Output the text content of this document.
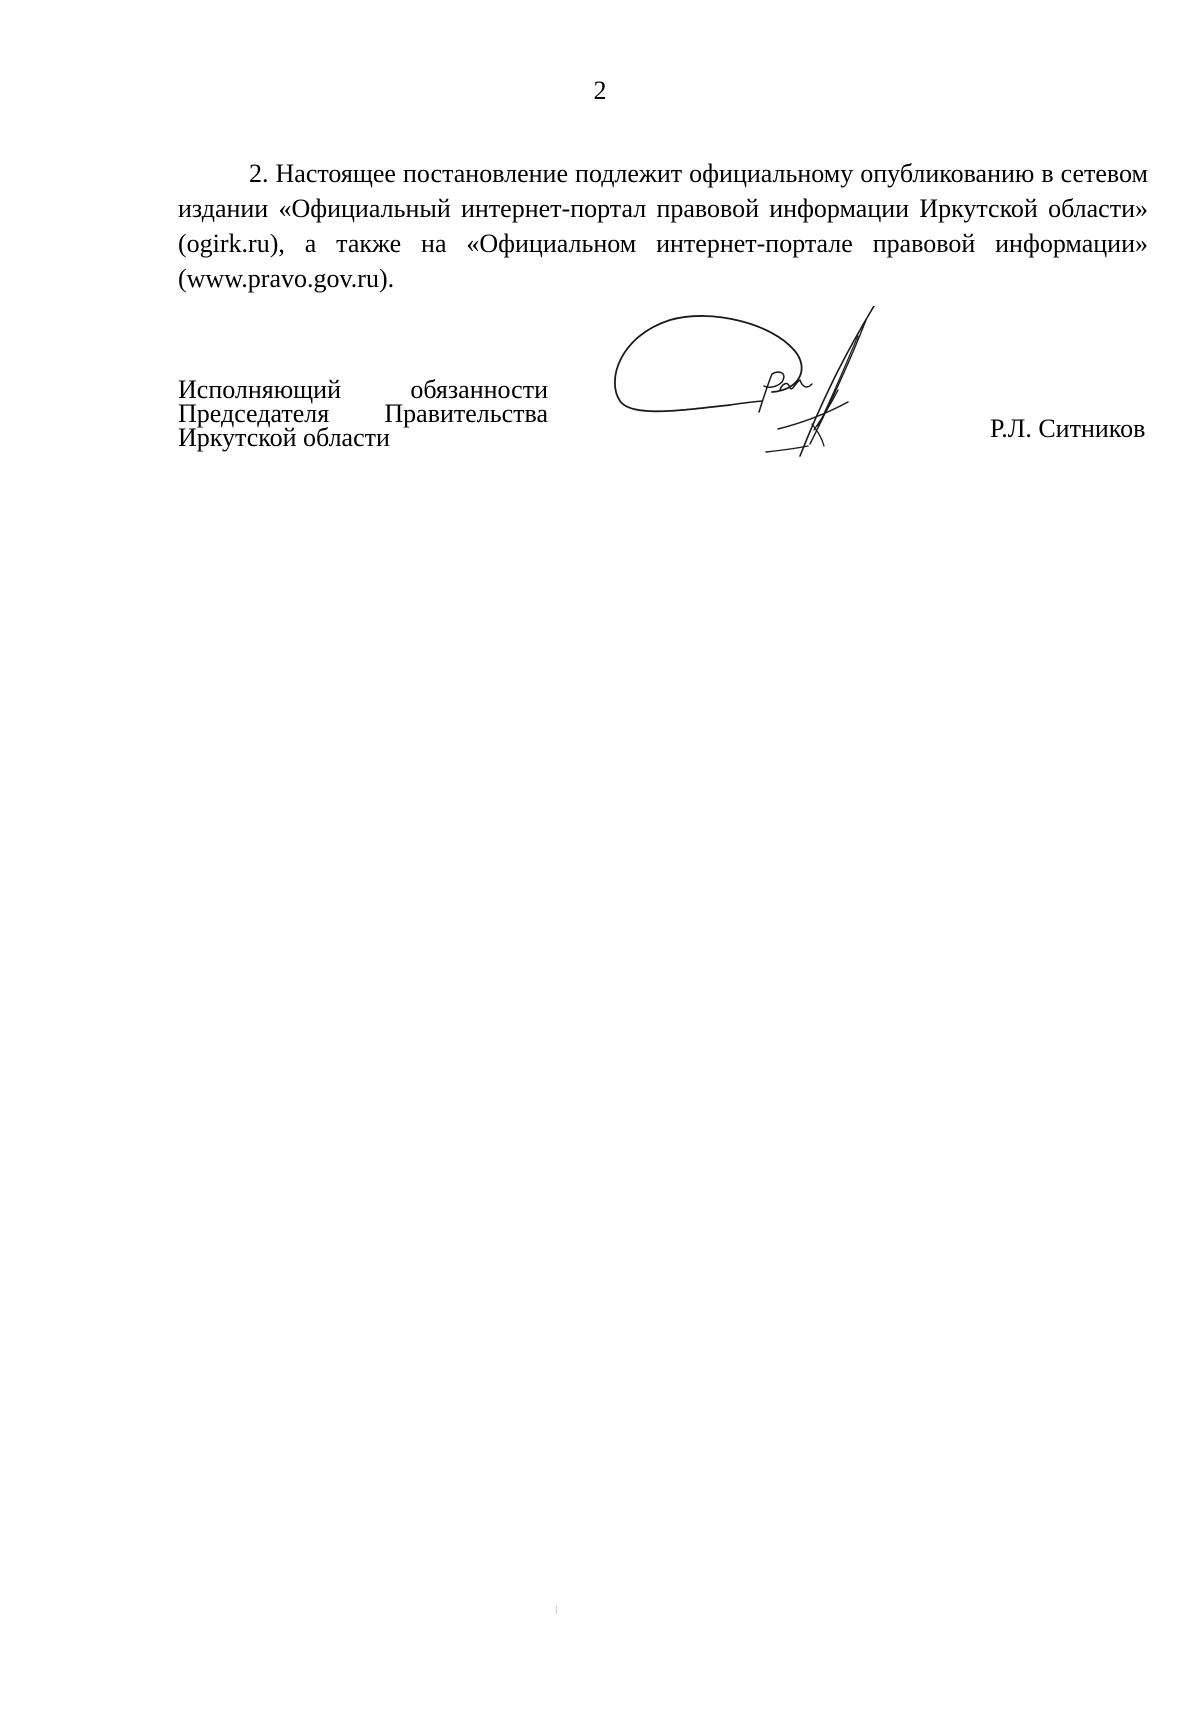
2

2. Настоящее постановление подлежит официальному опубликованию в сетевом издании «Официальный интернет-портал правовой информации Иркутской области» (ogirk.ru), а также на «Официальном интернет-портале правовой информации» (www.pravo.gov.ru).

Исполняющий	обязанности
Председателя Правительства
Иркутской области	Р.Л. Ситников
